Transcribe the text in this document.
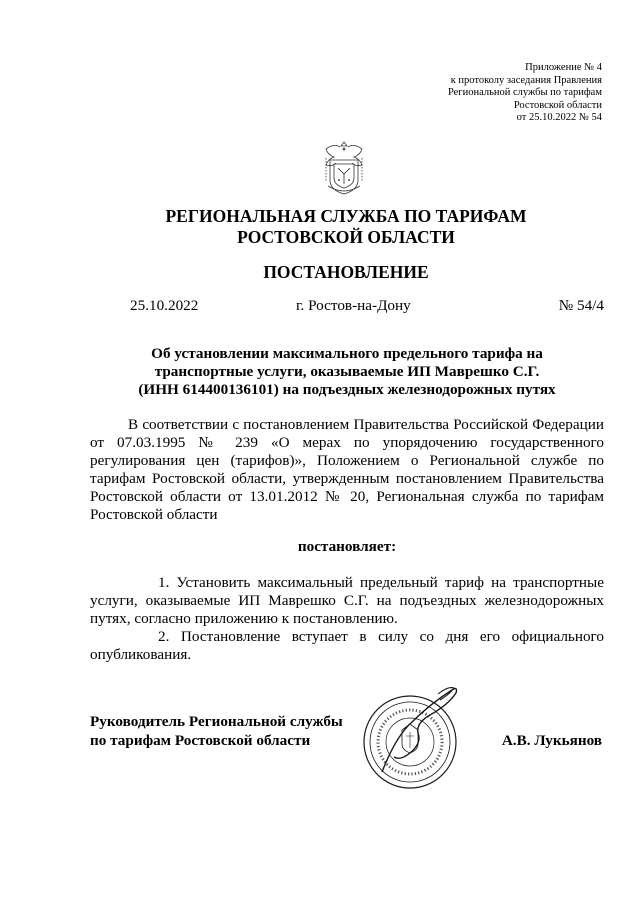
Приложение № 4
к протоколу заседания Правления
Региональной службы по тарифам
Ростовской области
от 25.10.2022 № 54
РЕГИОНАЛЬНАЯ СЛУЖБА ПО ТАРИФАМ
РОСТОВСКОЙ ОБЛАСТИ
ПОСТАНОВЛЕНИЕ
25.10.2022	г. Ростов-на-Дону	№ 54/4
Об установлении максимального предельного тарифа на
транспортные услуги, оказываемые ИП Маврешко С.Г.
(ИНН 614400136101) на подъездных железнодорожных путях

В соответствии с постановлением Правительства Российской Федерации от 07.03.1995 № 239 «О мерах по упорядочению государственного регулирования цен (тарифов)», Положением о Региональной службе по тарифам Ростовской области, утвержденным постановлением Правительства Ростовской области от 13.01.2012 № 20, Региональная служба по тарифам Ростовской области

постановляет:

1. Установить максимальный предельный тариф на транспортные услуги, оказываемые ИП Маврешко С.Г. на подъездных железнодорожных путях, согласно приложению к постановлению.

2. Постановление вступает в силу со дня его официального опубликования.

Руководитель Региональной службы
по тарифам Ростовской области	А.В. Лукьянов
